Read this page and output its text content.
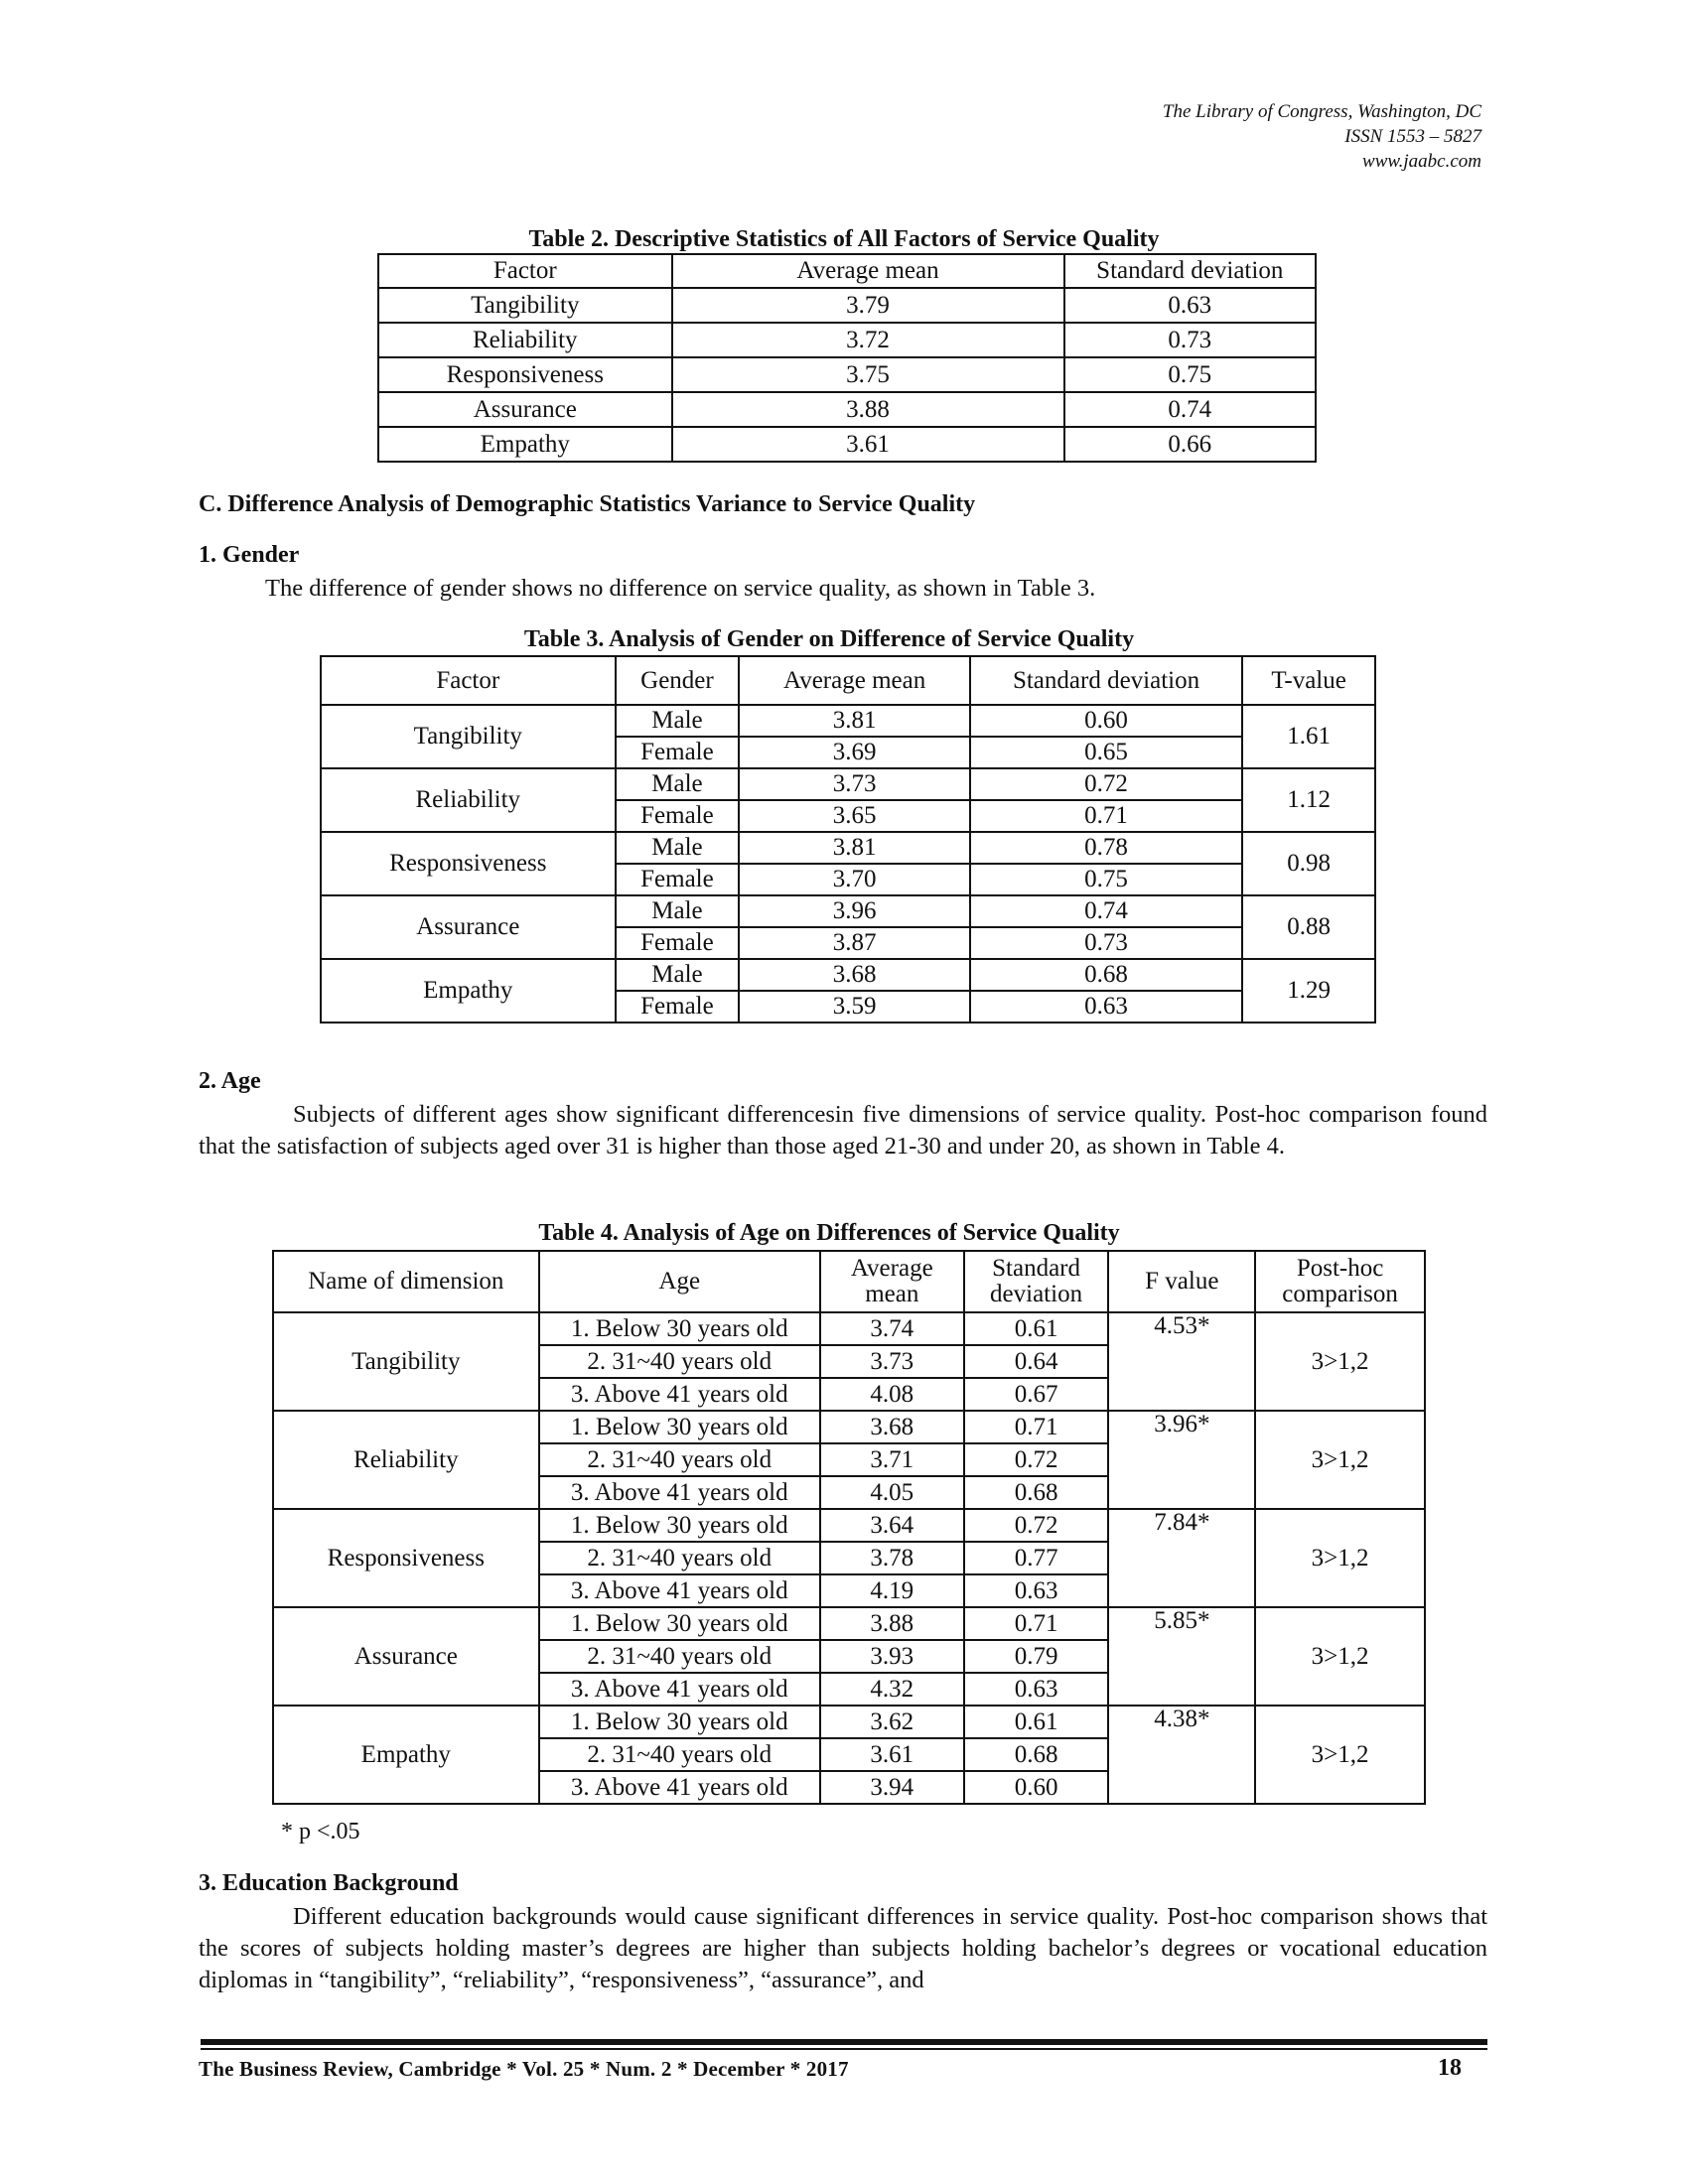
The Library of Congress, Washington, DC
ISSN 1553 – 5827
www.jaabc.com
Table 2. Descriptive Statistics of All Factors of Service Quality
Factor	Average mean	Standard deviation
Tangibility	3.79	0.63
Reliability	3.72	0.73
Responsiveness	3.75	0.75
Assurance	3.88	0.74
Empathy	3.61	0.66
C. Difference Analysis of Demographic Statistics Variance to Service Quality
1. Gender
The difference of gender shows no difference on service quality, as shown in Table 3.
Table 3. Analysis of Gender on Difference of Service Quality
Factor	Gender	Average mean	Standard deviation	T-value
Tangibility	Male	3.81	0.60	1.61
	Female	3.69	0.65	
Reliability	Male	3.73	0.72	1.12
	Female	3.65	0.71	
Responsiveness	Male	3.81	0.78	0.98
	Female	3.70	0.75	
Assurance	Male	3.96	0.74	0.88
	Female	3.87	0.73	
Empathy	Male	3.68	0.68	1.29
	Female	3.59	0.63	
2. Age
Subjects of different ages show significant differencesin five dimensions of service quality. Post-hoc comparison found that the satisfaction of subjects aged over 31 is higher than those aged 21-30 and under 20, as shown in Table 4.
Table 4. Analysis of Age on Differences of Service Quality
Name of dimension	Age	Average mean	Standard deviation	F value	Post-hoc comparison
Tangibility	1. Below 30 years old	3.74	0.61	4.53*	3>1,2
	2. 31~40 years old	3.73	0.64		
	3. Above 41 years old	4.08	0.67		
Reliability	1. Below 30 years old	3.68	0.71	3.96*	3>1,2
	2. 31~40 years old	3.71	0.72		
	3. Above 41 years old	4.05	0.68		
Responsiveness	1. Below 30 years old	3.64	0.72	7.84*	3>1,2
	2. 31~40 years old	3.78	0.77		
	3. Above 41 years old	4.19	0.63		
Assurance	1. Below 30 years old	3.88	0.71	5.85*	3>1,2
	2. 31~40 years old	3.93	0.79		
	3. Above 41 years old	4.32	0.63		
Empathy	1. Below 30 years old	3.62	0.61	4.38*	3>1,2
	2. 31~40 years old	3.61	0.68		
	3. Above 41 years old	3.94	0.60		
* p <.05
3. Education Background
Different education backgrounds would cause significant differences in service quality. Post-hoc comparison shows that the scores of subjects holding master’s degrees are higher than subjects holding bachelor’s degrees or vocational education diplomas in “tangibility”, “reliability”, “responsiveness”, “assurance”, and
The Business Review, Cambridge * Vol. 25 * Num. 2 * December * 2017	18
